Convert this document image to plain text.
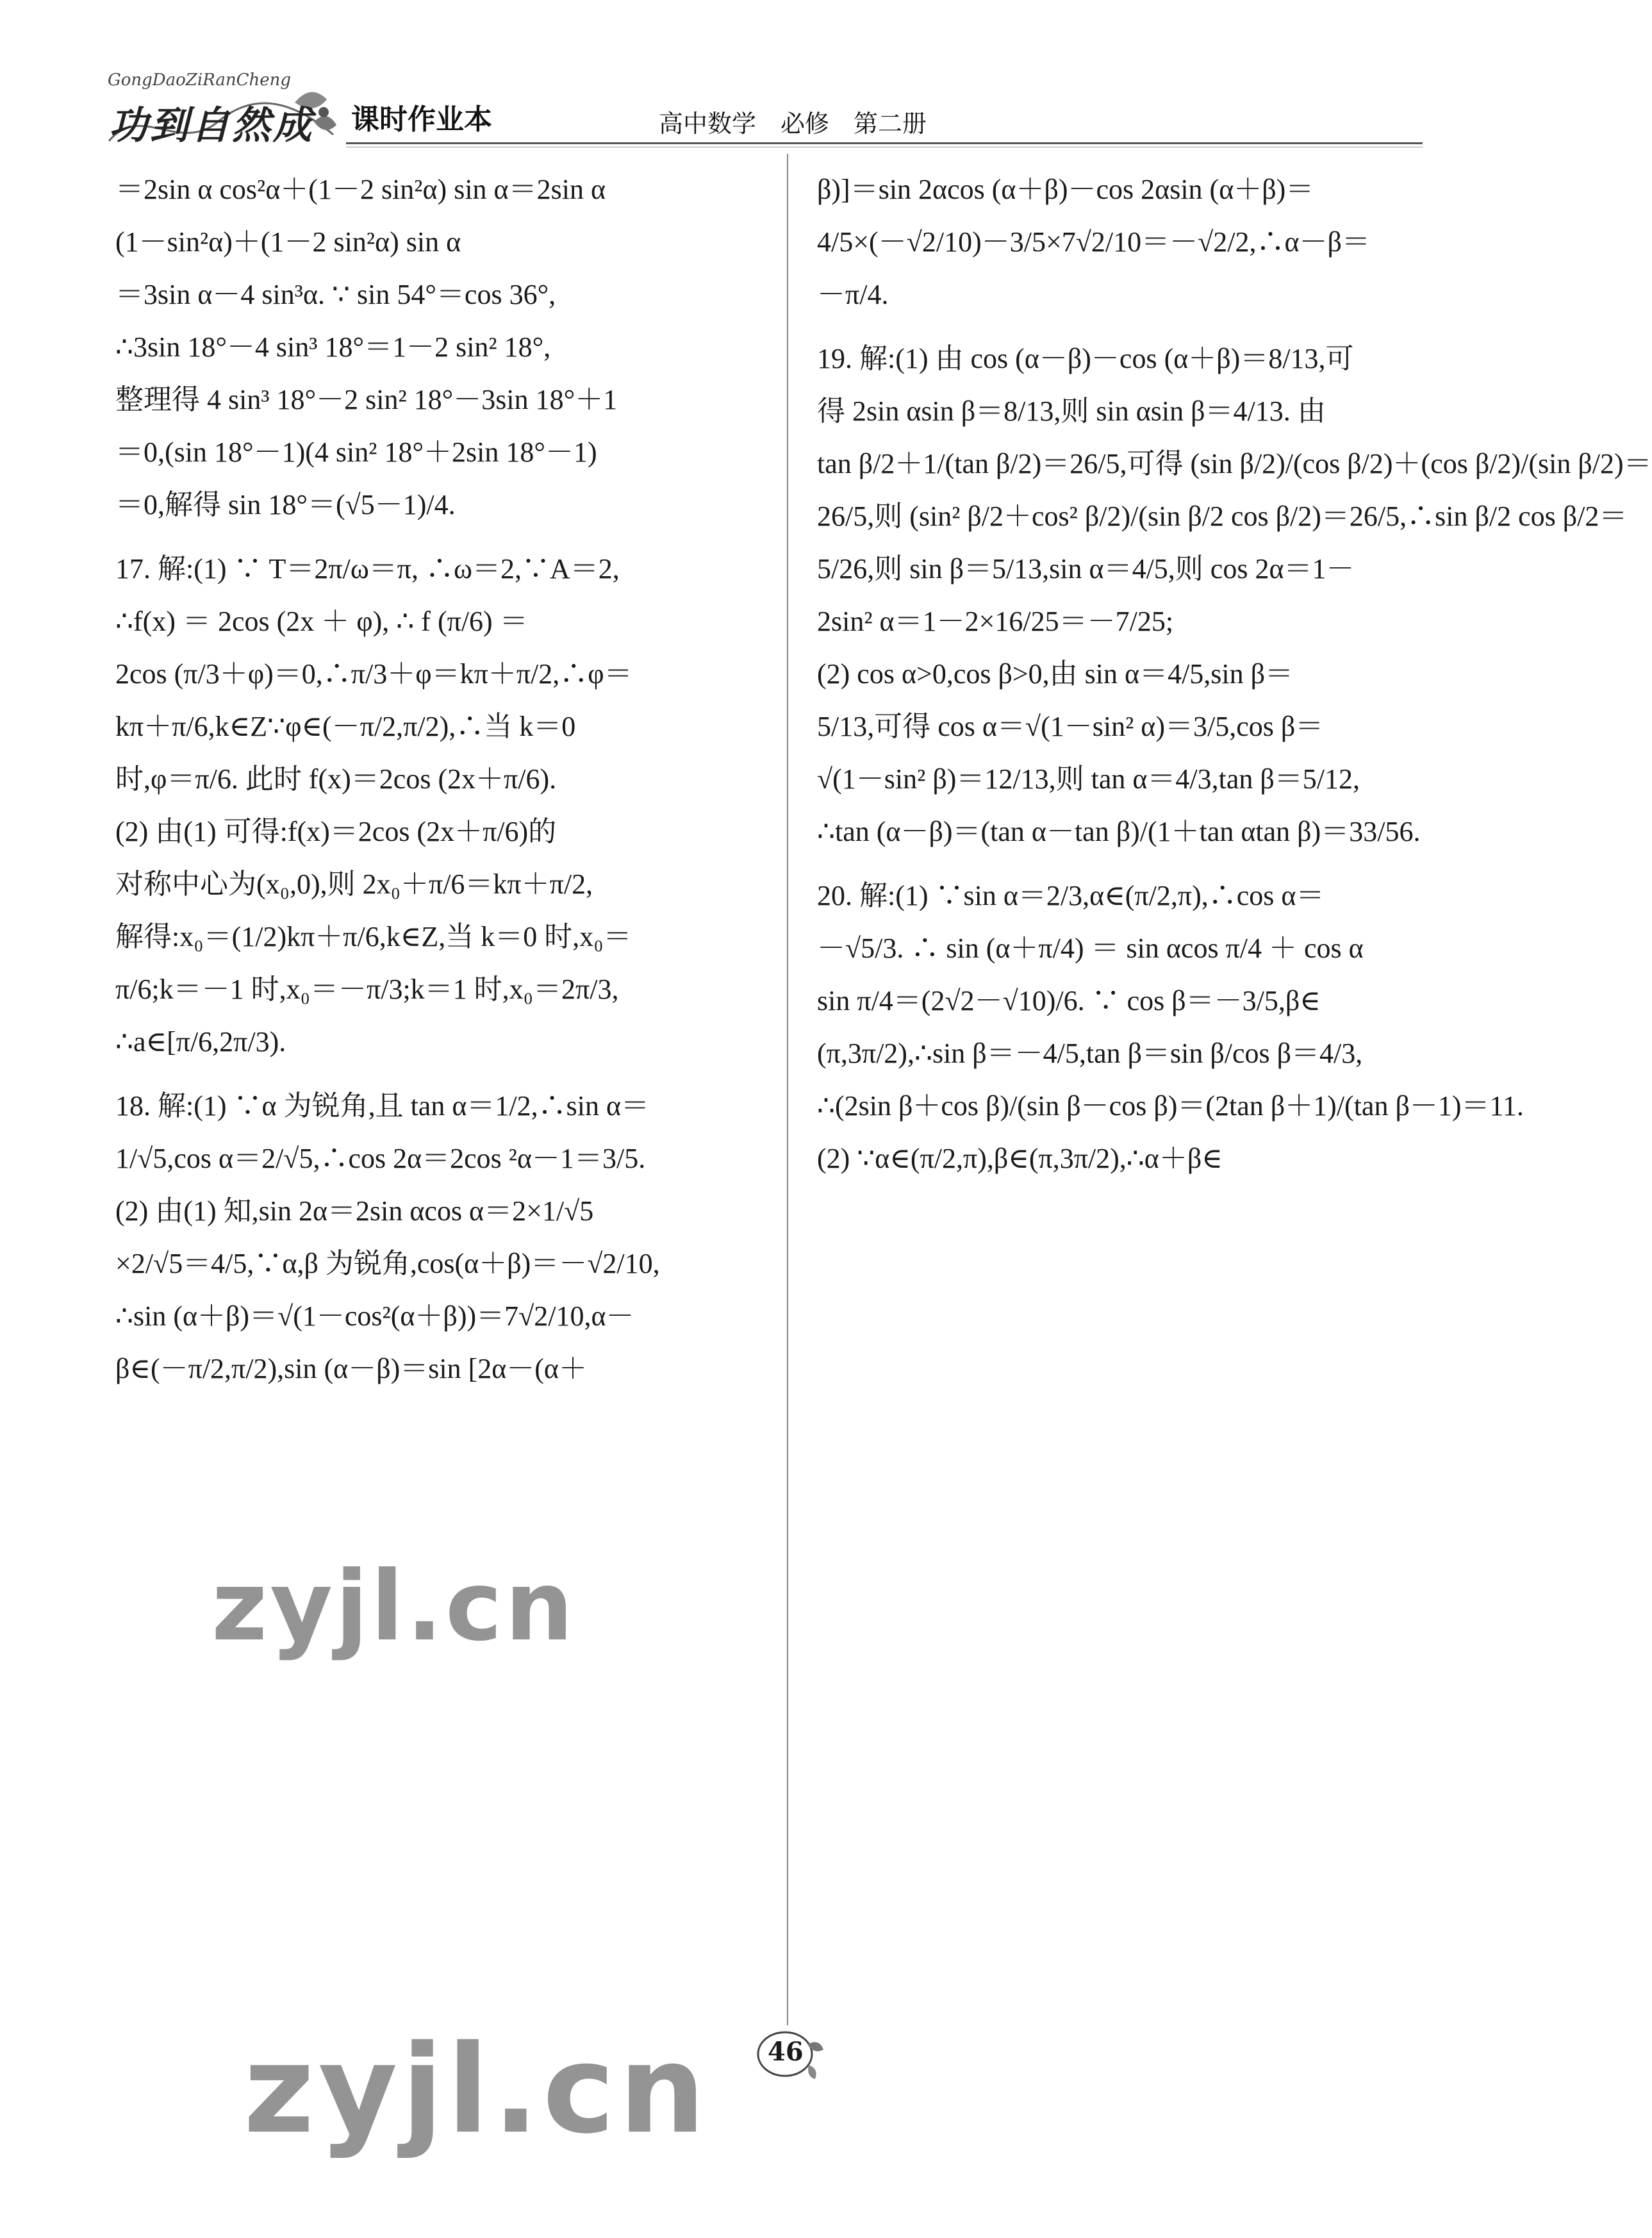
GongDaoZiRanCheng
功到自然成 课时作业本	高中数学　必修　第二册

＝2sin α cos²α＋(1－2 sin²α) sin α＝2sin α

(1－sin²α)＋(1－2 sin²α) sin α

＝3sin α－4 sin³α. ∵ sin 54°＝cos 36°,

∴3sin 18°－4 sin³ 18°＝1－2 sin² 18°,

整理得 4 sin³ 18°－2 sin² 18°－3sin 18°＋1

＝0,(sin 18°－1)(4 sin² 18°＋2sin 18°－1)

＝0,解得 sin 18°＝(√5－1)/4.

17. 解:(1) ∵ T＝2π/ω＝π, ∴ω＝2,∵A＝2,

∴f(x) ＝ 2cos (2x ＋ φ), ∴ f (π/6) ＝

2cos (π/3＋φ)＝0,∴π/3＋φ＝kπ＋π/2,∴φ＝

kπ＋π/6,k∈Z∵φ∈(－π/2,π/2),∴当 k＝0

时,φ＝π/6. 此时 f(x)＝2cos (2x＋π/6).

(2) 由(1) 可得:f(x)＝2cos (2x＋π/6)的

对称中心为(x₀,0),则 2x₀＋π/6＝kπ＋π/2,

解得:x₀＝(1/2)kπ＋π/6,k∈Z,当 k＝0 时,x₀＝

π/6;k＝－1 时,x₀＝－π/3;k＝1 时,x₀＝2π/3,

∴a∈[π/6,2π/3).

18. 解:(1) ∵α 为锐角,且 tan α＝1/2,∴sin α＝

1/√5,cos α＝2/√5,∴cos 2α＝2cos ²α－1＝3/5.

(2) 由(1) 知,sin 2α＝2sin αcos α＝2×1/√5

×2/√5＝4/5,∵α,β 为锐角,cos(α＋β)＝－√2/10,

∴sin (α＋β)＝√(1－cos²(α＋β))＝7√2/10,α－

β∈(－π/2,π/2),sin (α－β)＝sin [2α－(α＋

β)]＝sin 2αcos (α＋β)－cos 2αsin (α＋β)＝

4/5×(－√2/10)－3/5×7√2/10＝－√2/2,∴α－β＝

－π/4.

19. 解:(1) 由 cos (α－β)－cos (α＋β)＝8/13,可

得 2sin αsin β＝8/13,则 sin αsin β＝4/13. 由

tan β/2＋1/(tan β/2)＝26/5,可得 (sin β/2)/(cos β/2)＋(cos β/2)/(sin β/2)＝

26/5,则 (sin² β/2＋cos² β/2)/(sin β/2 cos β/2)＝26/5,∴sin β/2 cos β/2＝

5/26,则 sin β＝5/13,sin α＝4/5,则 cos 2α＝1－

2sin² α＝1－2×16/25＝－7/25;

(2) cos α>0,cos β>0,由 sin α＝4/5,sin β＝

5/13,可得 cos α＝√(1－sin² α)＝3/5,cos β＝

√(1－sin² β)＝12/13,则 tan α＝4/3,tan β＝5/12,

∴tan (α－β)＝(tan α－tan β)/(1＋tan αtan β)＝33/56.

20. 解:(1) ∵sin α＝2/3,α∈(π/2,π),∴cos α＝

－√5/3. ∴ sin (α＋π/4) ＝ sin αcos π/4 ＋ cos α

sin π/4＝(2√2－√10)/6. ∵ cos β＝－3/5,β∈

(π,3π/2),∴sin β＝－4/5,tan β＝sin β/cos β＝4/3,

∴(2sin β＋cos β)/(sin β－cos β)＝(2tan β＋1)/(tan β－1)＝11.

(2) ∵α∈(π/2,π),β∈(π,3π/2),∴α＋β∈

zyjl.cn
zyjl.cn 46
